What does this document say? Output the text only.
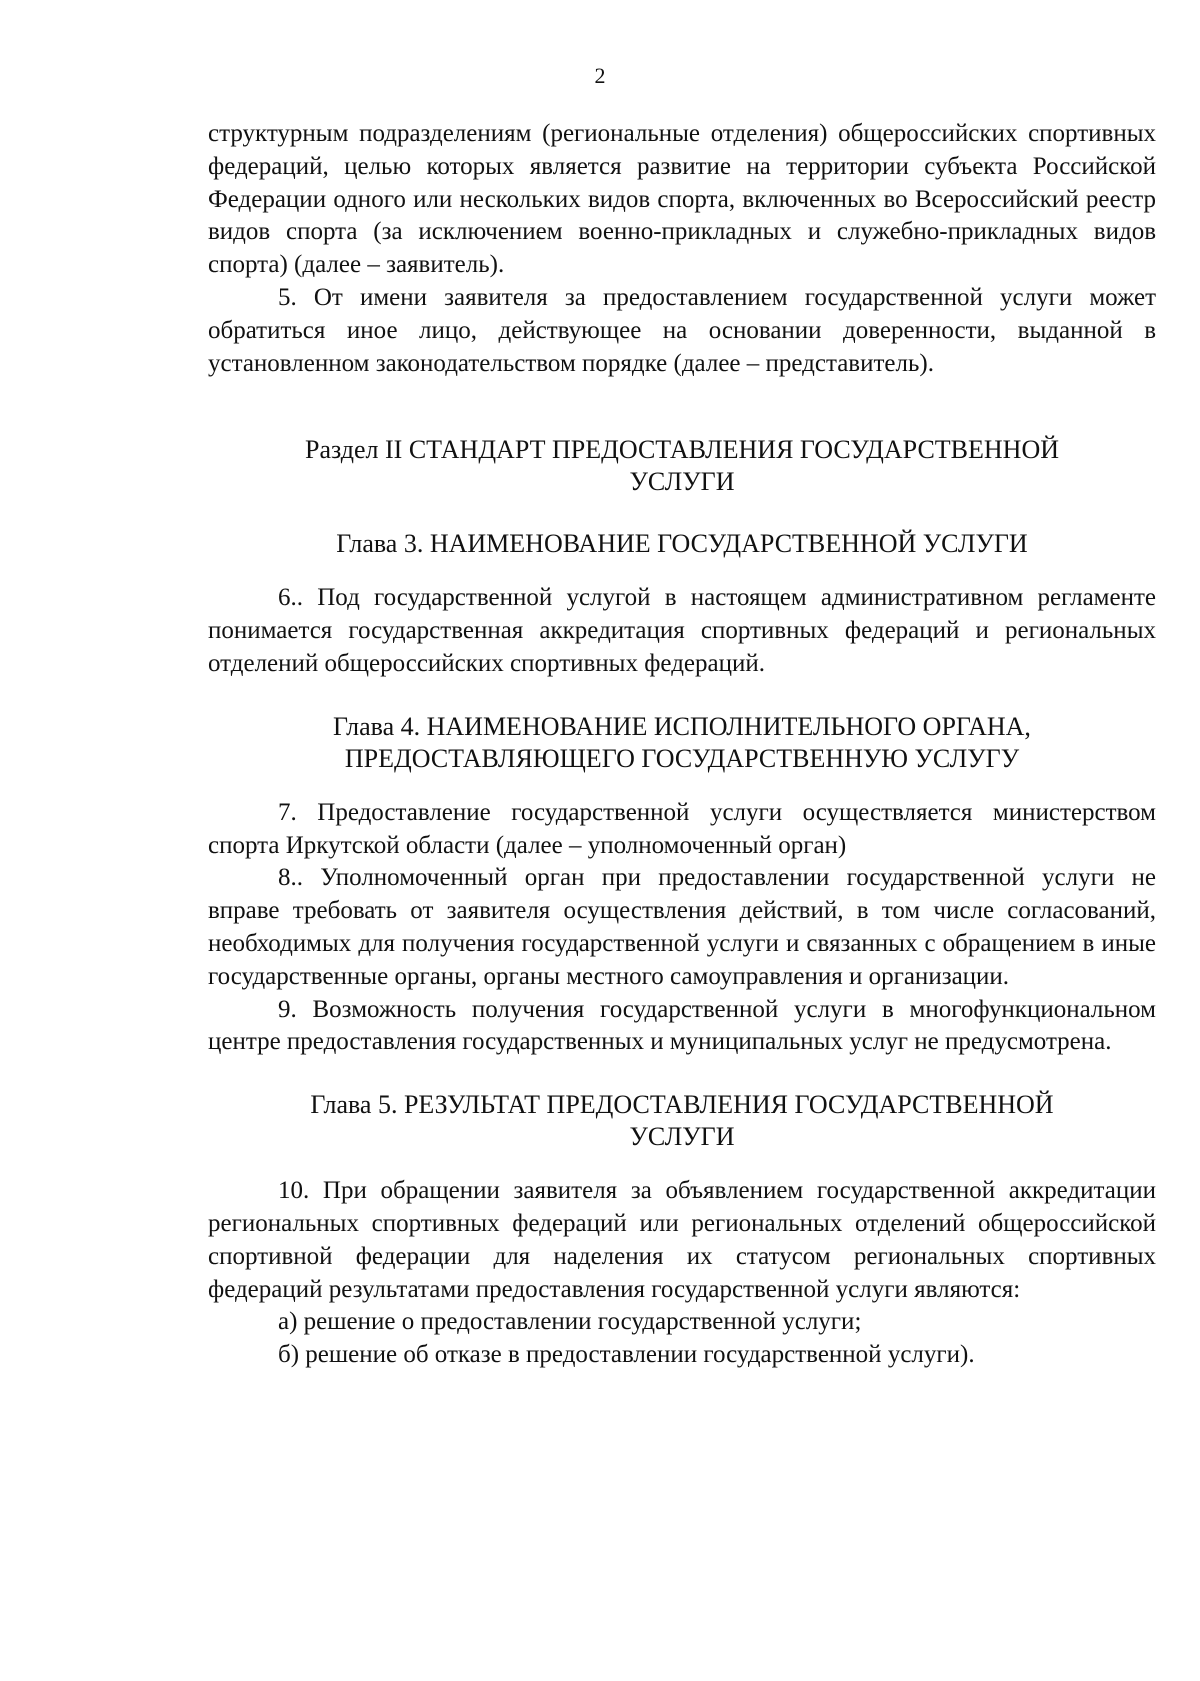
2

структурным подразделениям (региональные отделения) общероссийских спортивных федераций, целью которых является развитие на территории субъекта Российской Федерации одного или нескольких видов спорта, включенных во Всероссийский реестр видов спорта (за исключением военно-прикладных и служебно-прикладных видов спорта) (далее – заявитель).

5. От имени заявителя за предоставлением государственной услуги может обратиться иное лицо, действующее на основании доверенности, выданной в установленном законодательством порядке (далее – представитель).

Раздел II СТАНДАРТ ПРЕДОСТАВЛЕНИЯ ГОСУДАРСТВЕННОЙ
УСЛУГИ
Глава 3. НАИМЕНОВАНИЕ ГОСУДАРСТВЕННОЙ УСЛУГИ

6.. Под государственной услугой в настоящем административном регламенте понимается государственная аккредитация спортивных федераций и региональных отделений общероссийских спортивных федераций.

Глава 4. НАИМЕНОВАНИЕ ИСПОЛНИТЕЛЬНОГО ОРГАНА,
ПРЕДОСТАВЛЯЮЩЕГО ГОСУДАРСТВЕННУЮ УСЛУГУ

7. Предоставление государственной услуги осуществляется министерством спорта Иркутской области (далее – уполномоченный орган)

8.. Уполномоченный орган при предоставлении государственной услуги не вправе требовать от заявителя осуществления действий, в том числе согласований, необходимых для получения государственной услуги и связанных с обращением в иные государственные органы, органы местного самоуправления и организации.

9. Возможность получения государственной услуги в многофункциональном центре предоставления государственных и муниципальных услуг не предусмотрена.

Глава 5. РЕЗУЛЬТАТ ПРЕДОСТАВЛЕНИЯ ГОСУДАРСТВЕННОЙ
УСЛУГИ

10. При обращении заявителя за объявлением государственной аккредитации региональных спортивных федераций или региональных отделений общероссийской спортивной федерации для наделения их статусом региональных спортивных федераций результатами предоставления государственной услуги являются:

а) решение о предоставлении государственной услуги;

б) решение об отказе в предоставлении государственной услуги).
